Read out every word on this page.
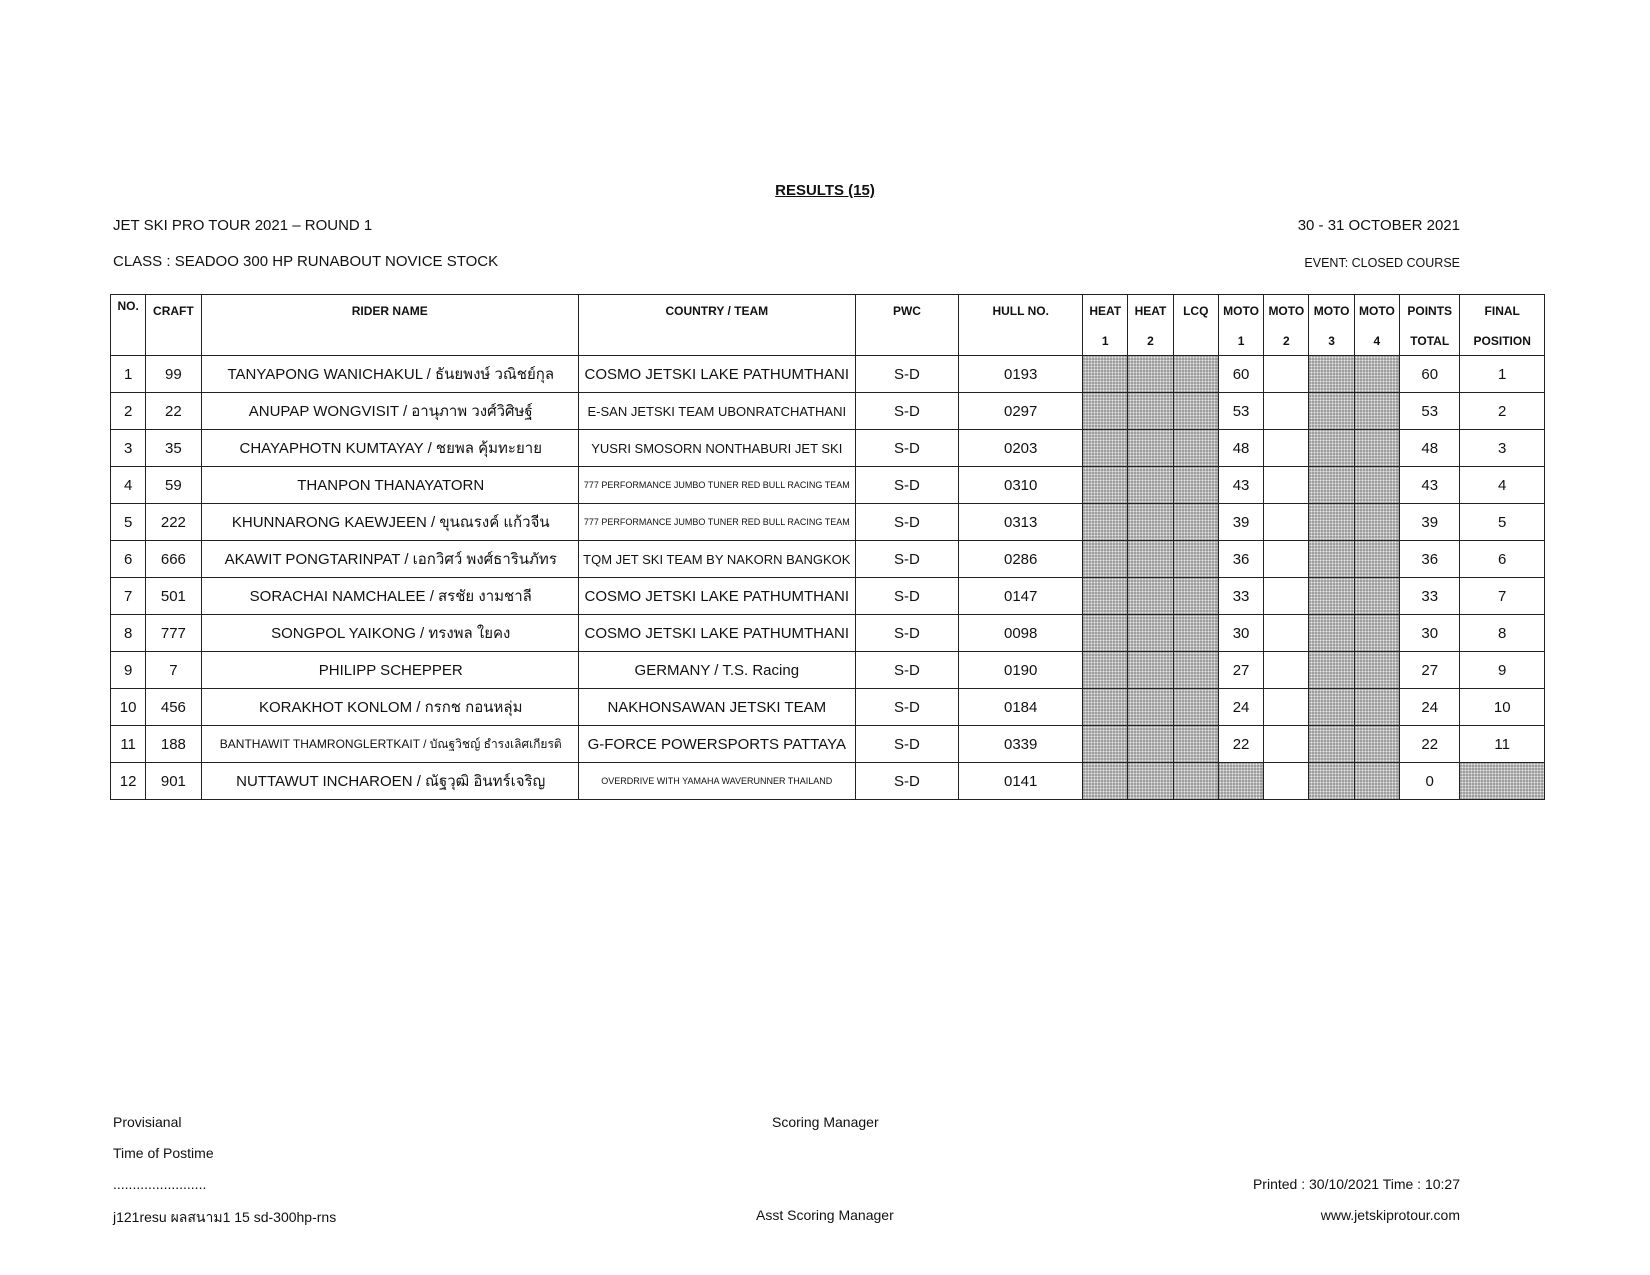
RESULTS (15)
JET SKI PRO TOUR 2021 – ROUND 1
CLASS : SEADOO 300 HP RUNABOUT NOVICE STOCK
30 - 31 OCTOBER 2021
EVENT: CLOSED COURSE
NO.	CRAFT	RIDER NAME	COUNTRY / TEAM	PWC	HULL NO.	HEAT	HEAT	LCQ	MOTO	MOTO	MOTO	MOTO	POINTS	FINAL
						1	2		1	2	3	4	TOTAL	POSITION
1	99	TANYAPONG WANICHAKUL / ธันยพงษ์ วณิชย์กุล	COSMO JETSKI LAKE PATHUMTHANI	S-D	0193				60				60	1
2	22	ANUPAP WONGVISIT / อานุภาพ วงศ์วิศิษฐ์	E-SAN JETSKI TEAM UBONRATCHATHANI	S-D	0297				53				53	2
3	35	CHAYAPHOTN KUMTAYAY / ชยพล คุ้มทะยาย	YUSRI SMOSORN NONTHABURI JET SKI	S-D	0203				48				48	3
4	59	THANPON THANAYATORN	777 PERFORMANCE JUMBO TUNER RED BULL RACING TEAM	S-D	0310				43				43	4
5	222	KHUNNARONG KAEWJEEN / ขุนณรงค์ แก้วจีน	777 PERFORMANCE JUMBO TUNER RED BULL RACING TEAM	S-D	0313				39				39	5
6	666	AKAWIT PONGTARINPAT / เอกวิศว์ พงศ์ธารินภัทร	TQM JET SKI TEAM BY NAKORN BANGKOK	S-D	0286				36				36	6
7	501	SORACHAI NAMCHALEE / สรชัย งามชาลี	COSMO JETSKI LAKE PATHUMTHANI	S-D	0147				33				33	7
8	777	SONGPOL YAIKONG / ทรงพล ใยคง	COSMO JETSKI LAKE PATHUMTHANI	S-D	0098				30				30	8
9	7	PHILIPP SCHEPPER	GERMANY / T.S. Racing	S-D	0190				27				27	9
10	456	KORAKHOT KONLOM / กรกช กอนหลุ่ม	NAKHONSAWAN JETSKI TEAM	S-D	0184				24				24	10
11	188	BANTHAWIT THAMRONGLERTKAIT / บัณฐวิชญ์ ธำรงเลิศเกียรติ	G-FORCE POWERSPORTS PATTAYA	S-D	0339				22				22	11
12	901	NUTTAWUT INCHAROEN / ณัฐวุฒิ อินทร์เจริญ	OVERDRIVE WITH YAMAHA WAVERUNNER THAILAND	S-D	0141								0	
Provisianal
Time of Postime
........................
j121resu ผลสนาม1 15 sd-300hp-rns
Scoring Manager
Asst Scoring Manager
Printed : 30/10/2021 Time : 10:27
www.jetskiprotour.com
